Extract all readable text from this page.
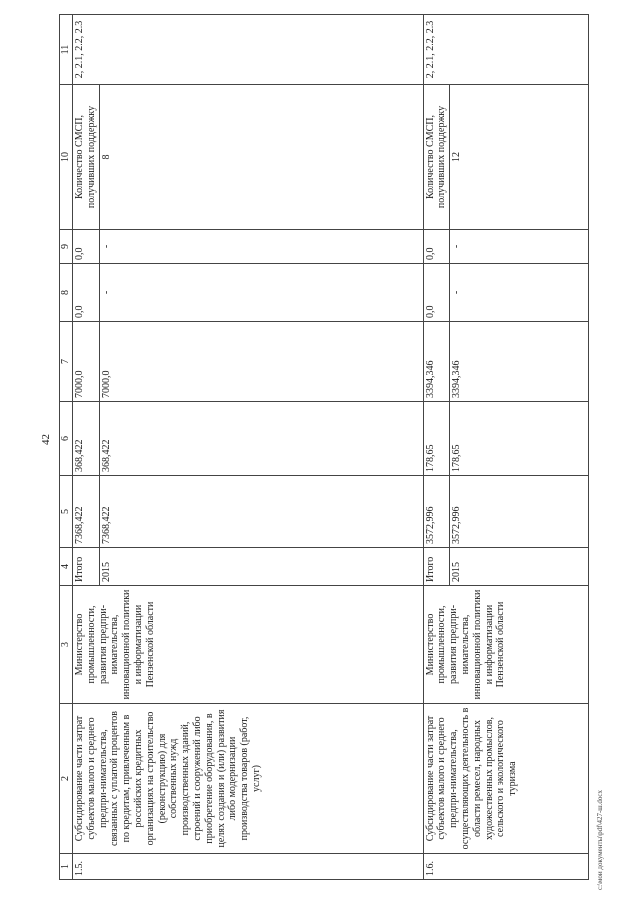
42
1	2	3	4	5	6	7	8	9	10	11
1.5.	Субсидирование части затрат субъектов малого и среднего предпри-нимательства, связанных с уплатой процентов по кредитам, привлеченным в российских кредитных организациях на строительство (реконструкцию) для собственных нужд производственных зданий, строений и сооружений либо приобретение оборудования, в целях создания и (или) развития либо модернизации производства товаров (работ, услуг)	Министерство промышленности, развития предпри-нимательства, инновационной политики и информатизации Пензенской области	Итого	7368,422	368,422	7000,0	0,0	0,0	Количество СМСП, получивших поддержку	2, 2.1, 2.2, 2.3
			2015	7368,422	368,422	7000,0	-	-	8	
1.6.	Субсидирование части затрат субъектов малого и среднего предпри-нимательства, осуществляющих деятельность в области ремесел, народных художественных промыслов, сельского и экологического туризма	Министерство промышленности, развития предпри-нимательства, инновационной политики и информатизации Пензенской области	Итого	3572,996	178,65	3394,346	0,0	0,0	Количество СМСП, получивших поддержку	2, 2.1, 2.2, 2.3
			2015	3572,996	178,65	3394,346	-	-	12	
c:\мои документы\pdf\427-ш.docx
